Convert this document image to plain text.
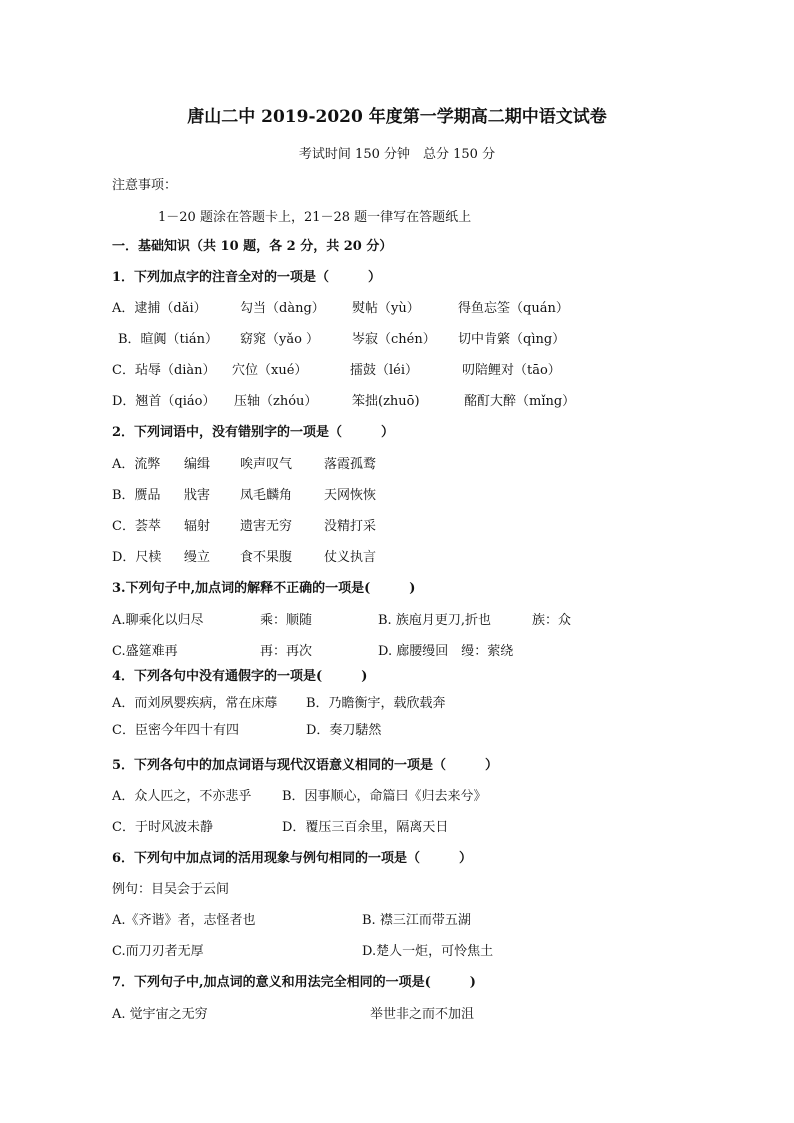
唐山二中 2019-2020 年度第一学期高二期中语文试卷
考试时间 150 分钟　总分 150 分
注意事项：
1－20 题涂在答题卡上，21－28 题一律写在答题纸上
一．基础知识（共 10 题，各 2 分，共 20 分）
1．下列加点字的注音全对的一项是（　　　）
A．逮捕（dǎi）	勾当（dàng） 熨帖（yù）	得鱼忘筌（quán）
B．暄阗（tián） 窈窕（yǎo ）	岑寂（chén） 切中肯綮（qìng）
C．玷辱（diàn） 穴位（xué）	擂鼓（léi）	叨陪鲤对（tāo）
D．翘首（qiáo） 压轴（zhóu）	笨拙(zhuō)	酩酊大醉（mǐng）
2．下列词语中，没有错别字的一项是（　　　）
A．流弊 编缉 唉声叹气 落霞孤鹜
B．赝品 戕害 凤毛麟角 天网恢恢
C．荟萃 辐射 遗害无穷 没精打采
D．尺椟 缦立 食不果腹 仗义执言
3.下列句子中,加点词的解释不正确的一项是(　　　)
A.聊乘化以归尽	乘：顺随	B. 族庖月更刀,折也	族：众
C.盛筵难再	再：再次	D. 廊腰缦回　缦：萦绕
4．下列各句中没有通假字的一项是(　　　)
A．而刘夙婴疾病，常在床蓐 B．乃瞻衡宇，载欣载奔
C．臣密今年四十有四	D．奏刀騞然
5．下列各句中的加点词语与现代汉语意义相同的一项是（　　　）
A．众人匹之，不亦悲乎 B．因事顺心，命篇曰《归去来兮》
C．于时风波未静	D．覆压三百余里，隔离天日
6．下列句中加点词的活用现象与例句相同的一项是（　　　）
例句：目吴会于云间
A.《齐谐》者，志怪者也	B. 襟三江而带五湖
C.而刀刃者无厚	D.楚人一炬，可怜焦土
7．下列句子中,加点词的意义和用法完全相同的一项是(　　　)
A. 觉宇宙之无穷	举世非之而不加沮
